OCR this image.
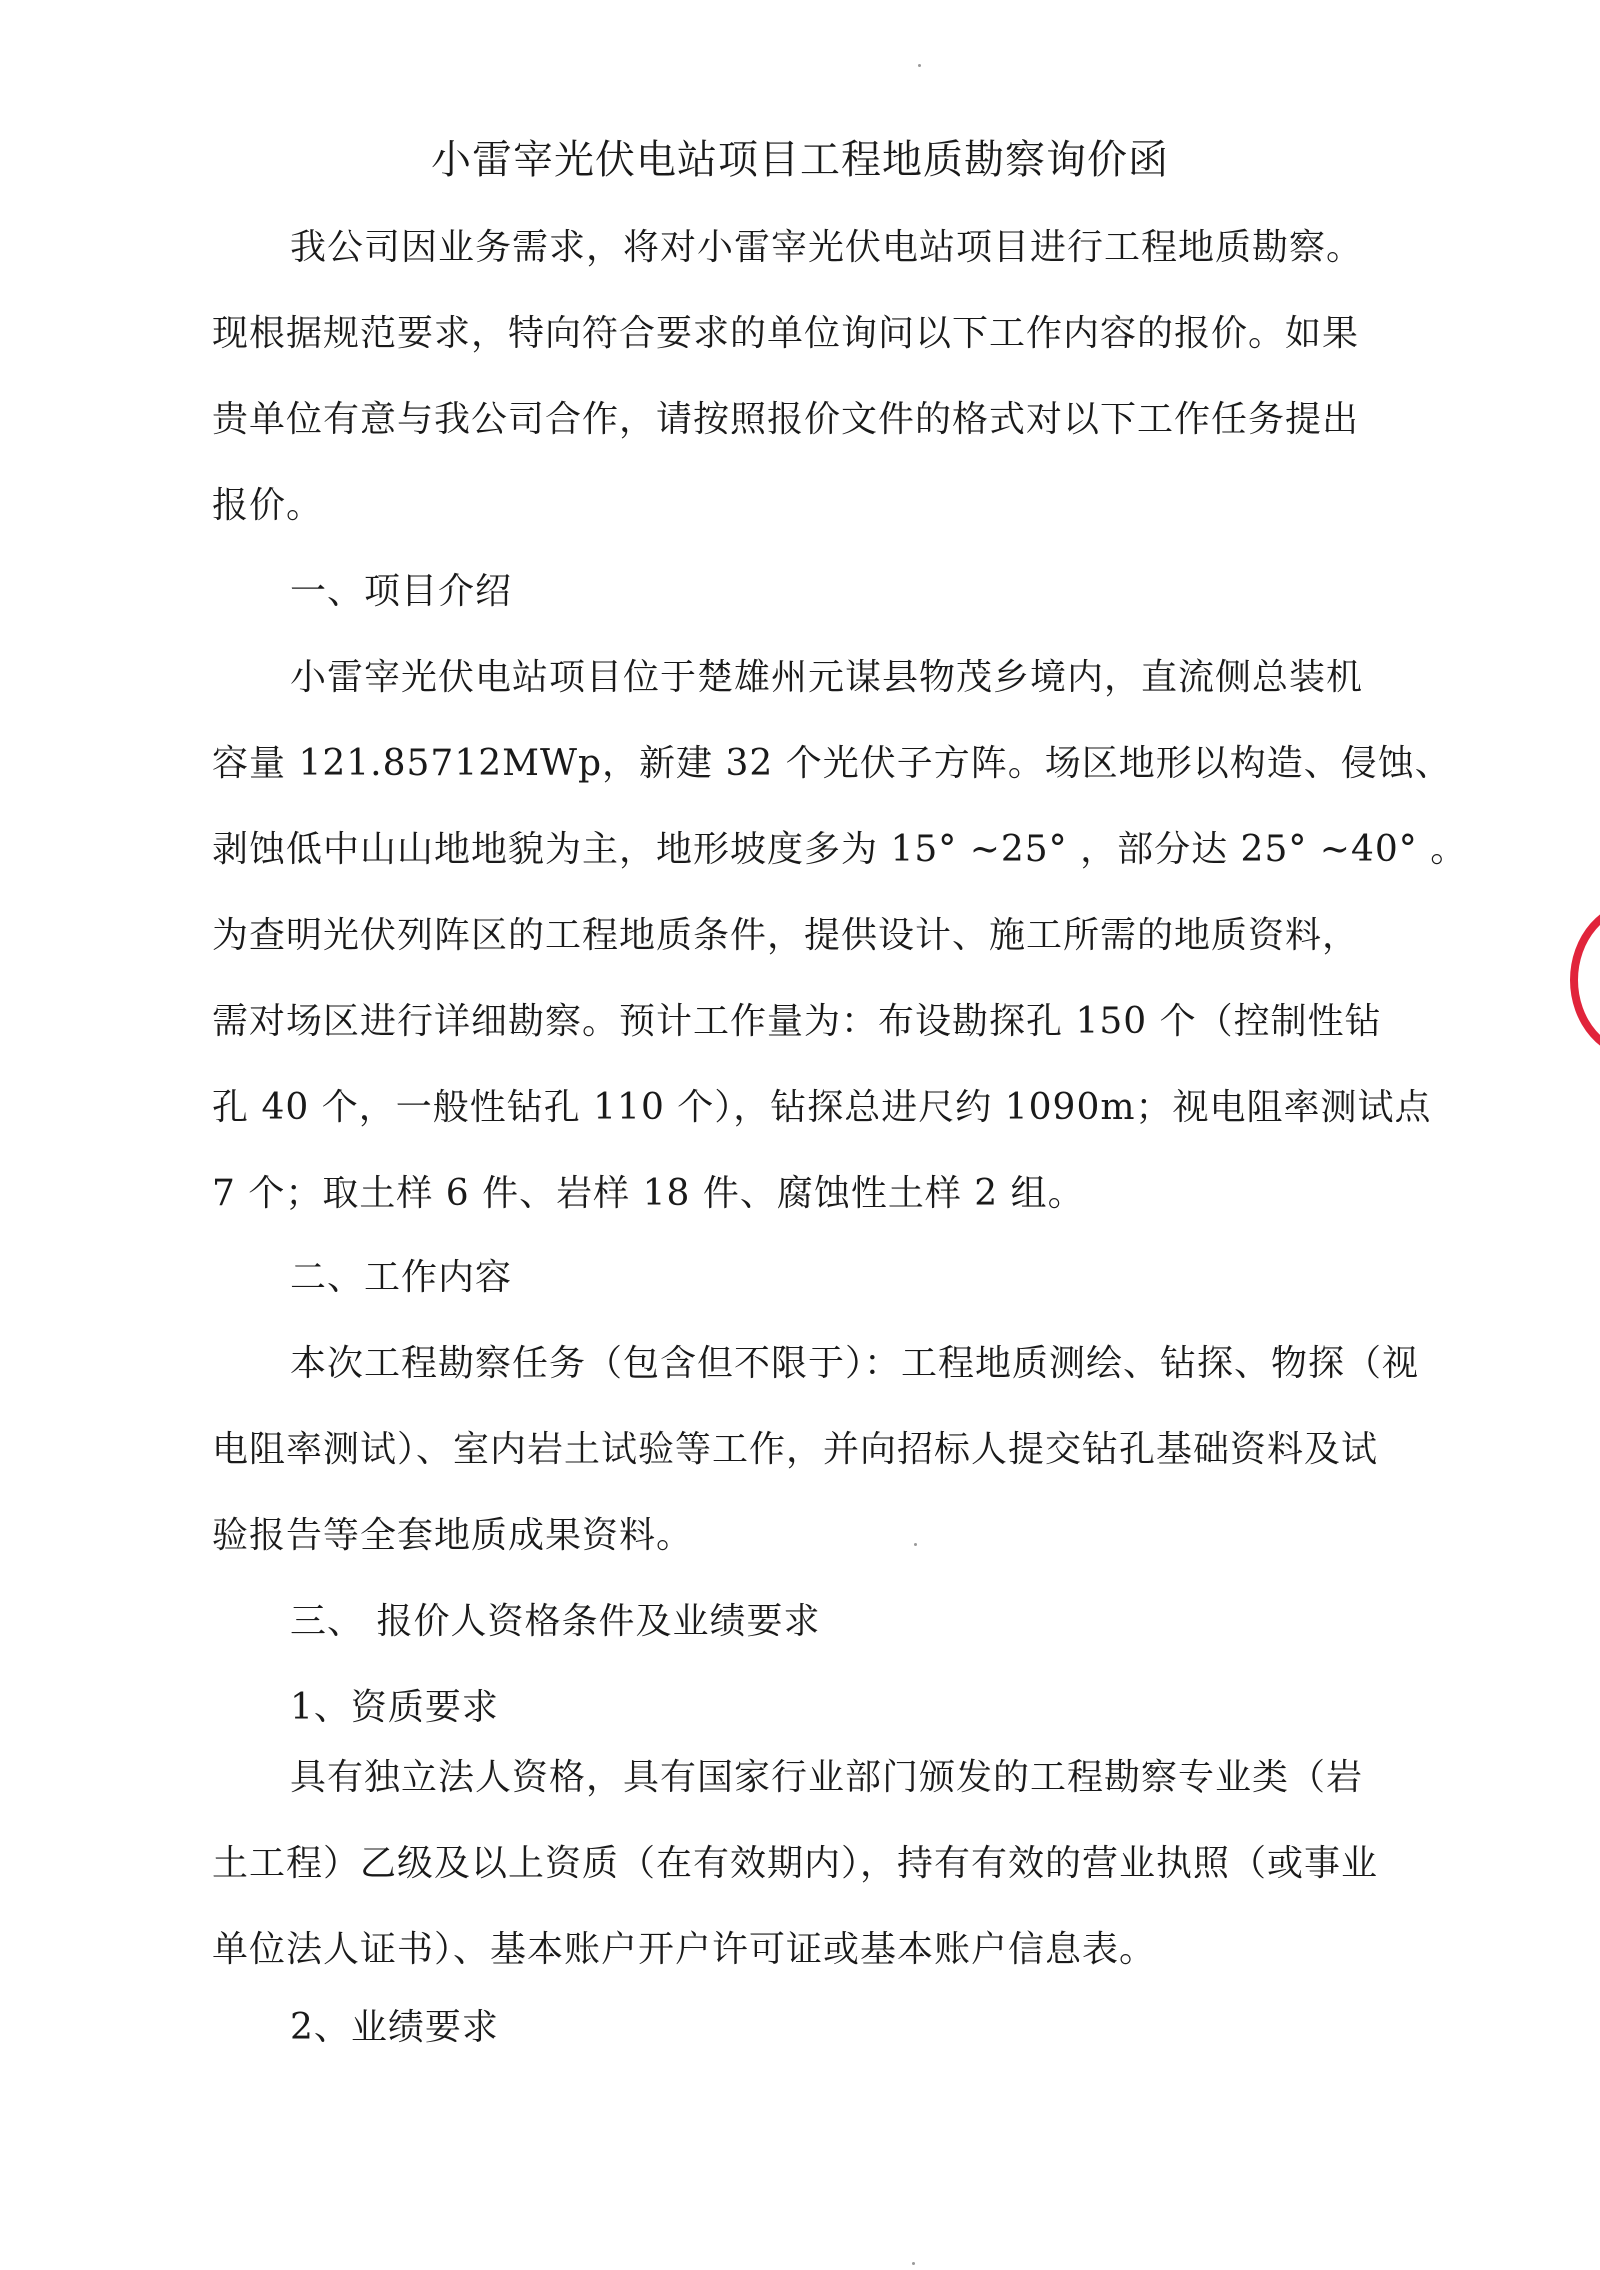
小雷宰光伏电站项目工程地质勘察询价函
我公司因业务需求，将对小雷宰光伏电站项目进行工程地质勘察。
现根据规范要求，特向符合要求的单位询问以下工作内容的报价。如果
贵单位有意与我公司合作，请按照报价文件的格式对以下工作任务提出
报价。
一、项目介绍
小雷宰光伏电站项目位于楚雄州元谋县物茂乡境内，直流侧总装机
容量 121.85712MWp，新建 32 个光伏子方阵。场区地形以构造、侵蚀、
剥蚀低中山山地地貌为主，地形坡度多为 15° ~25° ，部分达 25° ~40° 。
为查明光伏列阵区的工程地质条件，提供设计、施工所需的地质资料，
需对场区进行详细勘察。预计工作量为：布设勘探孔 150 个（控制性钻
孔 40 个，一般性钻孔 110 个），钻探总进尺约 1090m；视电阻率测试点
7 个；取土样 6 件、岩样 18 件、腐蚀性土样 2 组。
二、工作内容
本次工程勘察任务（包含但不限于）：工程地质测绘、钻探、物探（视
电阻率测试）、室内岩土试验等工作，并向招标人提交钻孔基础资料及试
验报告等全套地质成果资料。
三、 报价人资格条件及业绩要求
1、资质要求
具有独立法人资格，具有国家行业部门颁发的工程勘察专业类（岩
土工程）乙级及以上资质（在有效期内），持有有效的营业执照（或事业
单位法人证书）、基本账户开户许可证或基本账户信息表。
2、业绩要求
